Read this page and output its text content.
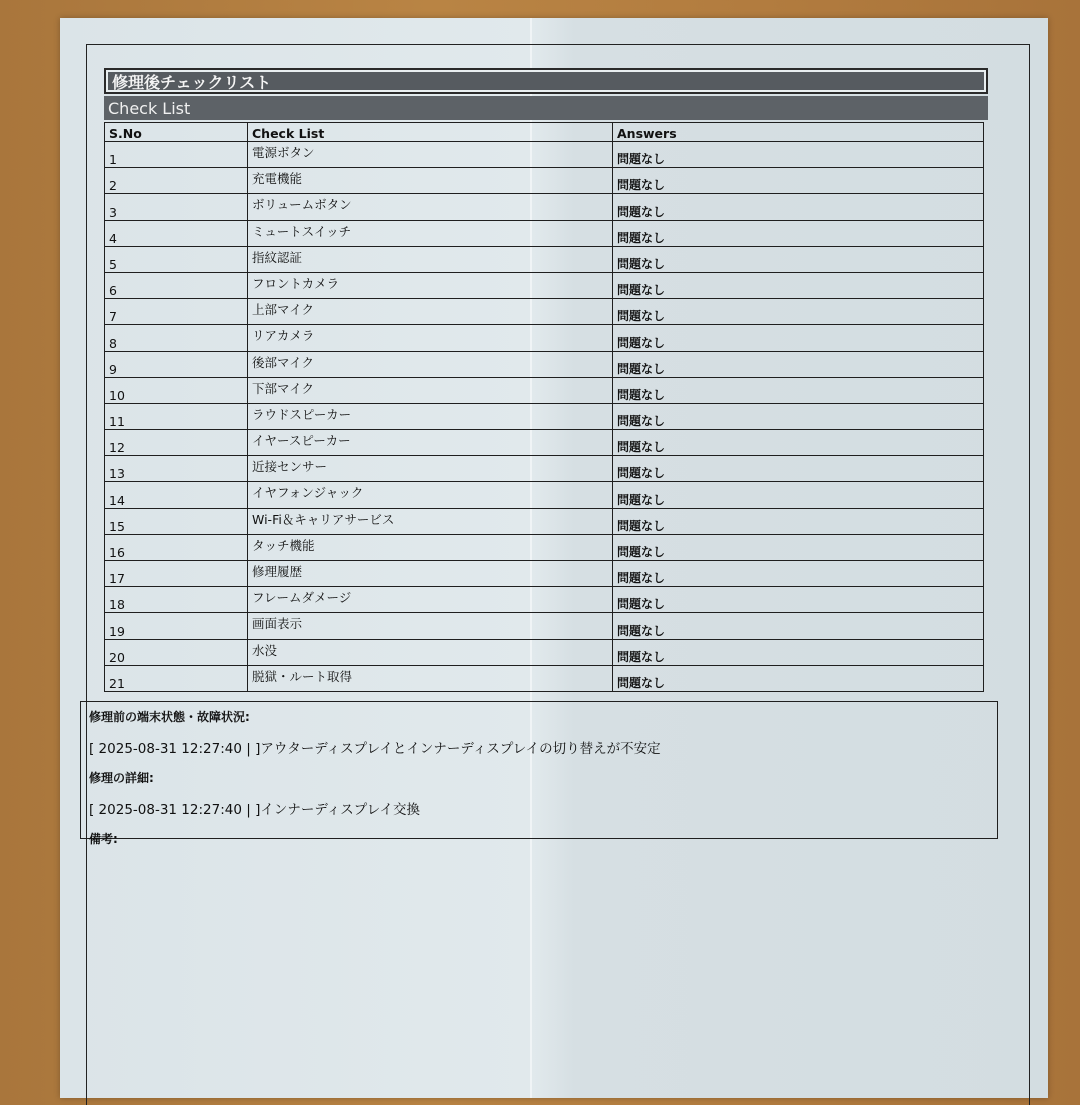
修理後チェックリスト
Check List
S.No	Check List	Answers
1	電源ボタン	問題なし
2	充電機能	問題なし
3	ボリュームボタン	問題なし
4	ミュートスイッチ	問題なし
5	指紋認証	問題なし
6	フロントカメラ	問題なし
7	上部マイク	問題なし
8	リアカメラ	問題なし
9	後部マイク	問題なし
10	下部マイク	問題なし
11	ラウドスピーカー	問題なし
12	イヤースピーカー	問題なし
13	近接センサー	問題なし
14	イヤフォンジャック	問題なし
15	Wi-Fi＆キャリアサービス	問題なし
16	タッチ機能	問題なし
17	修理履歴	問題なし
18	フレームダメージ	問題なし
19	画面表示	問題なし
20	水没	問題なし
21	脱獄・ルート取得	問題なし

修理前の端末状態・故障状況:

[ 2025-08-31 12:27:40 | ]アウターディスプレイとインナーディスプレイの切り替えが不安定

修理の詳細:

[ 2025-08-31 12:27:40 | ]インナーディスプレイ交換

備考:
